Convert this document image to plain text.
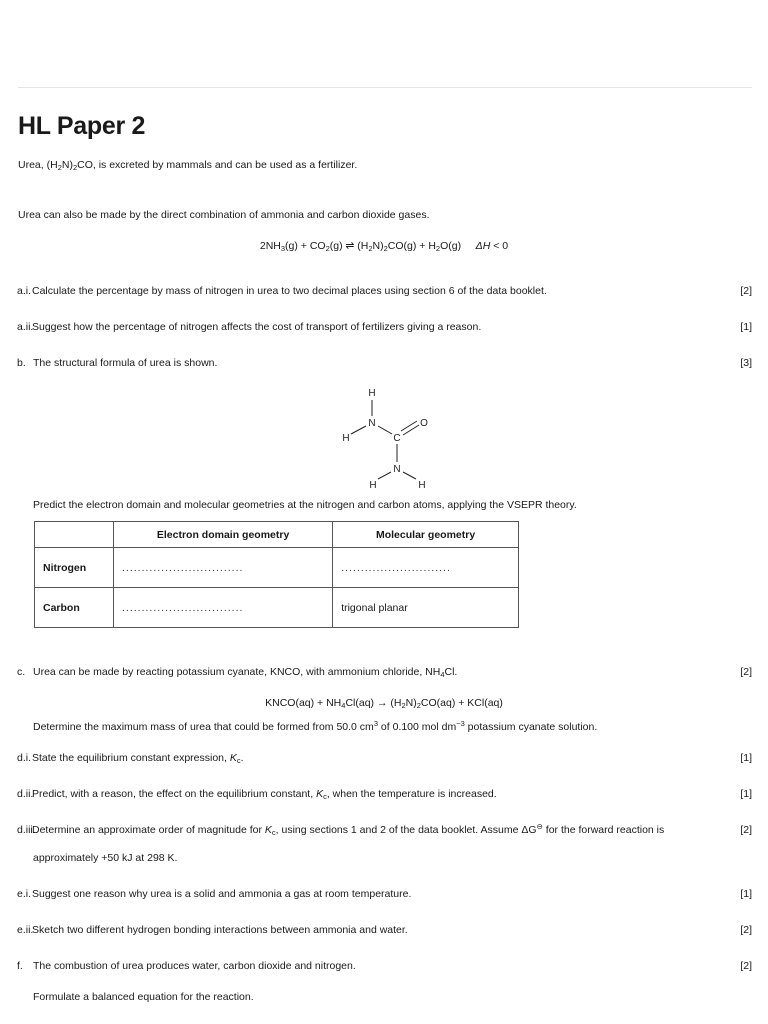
HL Paper 2
Urea, $(H_2N)_2CO$, is excreted by mammals and can be used as a fertilizer.
Urea can also be made by the direct combination of ammonia and carbon dioxide gases.
$2NH_3(g) + CO_2(g)$ ⇌ $(H_2N)_2CO(g) + H_2O(g) \Delta H < 0$
a.i. Calculate the percentage by mass of nitrogen in urea to two decimal places using section 6 of the data booklet.	[2]
a.ii.
Suggest how the percentage of nitrogen affects the cost of transport of fertilizers giving a reason.	[1]
b. The structural formula of urea is shown.	[3]
H
N
H	C
O
N
H	H
Predict the electron domain and molecular geometries at the nitrogen and carbon atoms, applying the VSEPR theory.
	Electron domain geometry	Molecular geometry
Nitrogen	...............................	............................
Carbon	...............................	trigonal planar
c. Urea can be made by reacting potassium cyanate, KNCO, with ammonium chloride, $NH_4Cl$.	[2]
KNCO(aq) + $NH_4Cl(aq) \to (H_2N)_2CO(aq) + KCl(aq)$
Determine the maximum mass of urea that could be formed from 50.0 $cm^3$ of 0.100 mol $dm^{-3}$ potassium cyanate solution.
d.i. State the equilibrium constant expression, $K_c$.	[1]
d.ii.
Predict, with a reason, the effect on the equilibrium constant, $K_c$, when the temperature is increased.	[1]
d.iii.
Determine an approximate order of magnitude for $K_c$, using sections 1 and 2 of the data booklet. Assume ΔG⊖ for the forward reaction is	[2]
approximately +50 kJ at 298 K.
e.i. Suggest one reason why urea is a solid and ammonia a gas at room temperature.	[1]
e.ii.
Sketch two different hydrogen bonding interactions between ammonia and water.	[2]
f. The combustion of urea produces water, carbon dioxide and nitrogen.	[2]
Formulate a balanced equation for the reaction.
